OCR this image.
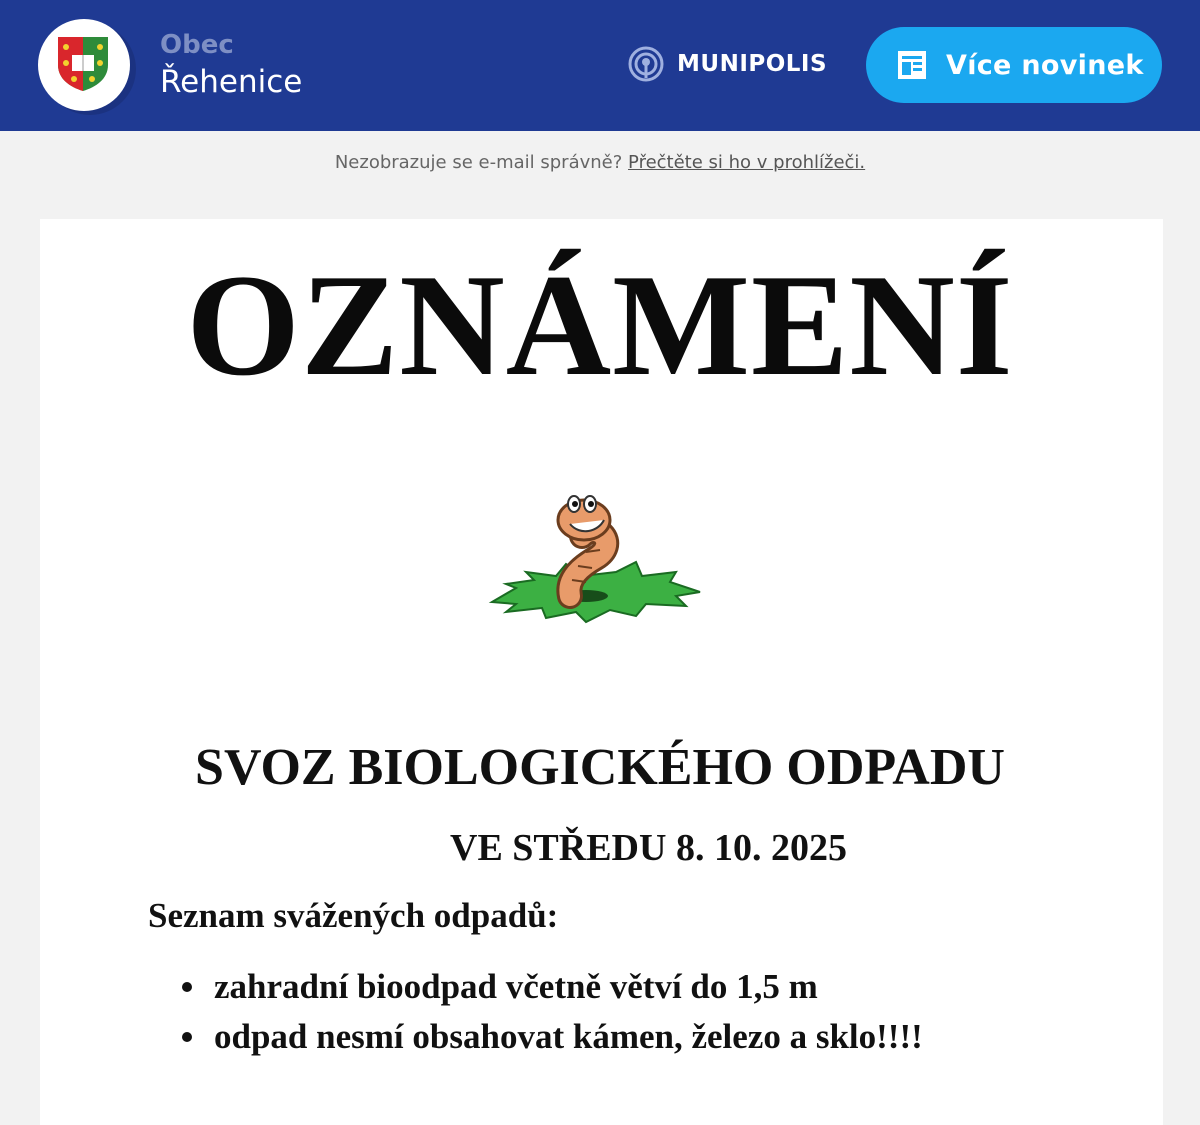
Obec
Řehenice	MUNIPOLIS	Více novinek
Nezobrazuje se e-mail správně? Přečtěte si ho v prohlížeči.
OZNÁMENÍ
SVOZ BIOLOGICKÉHO ODPADU
VE STŘEDU 8. 10. 2025
Seznam svážených odpadů:
zahradní bioodpad včetně větví do 1,5 m
odpad nesmí obsahovat kámen, železo a sklo!!!!
